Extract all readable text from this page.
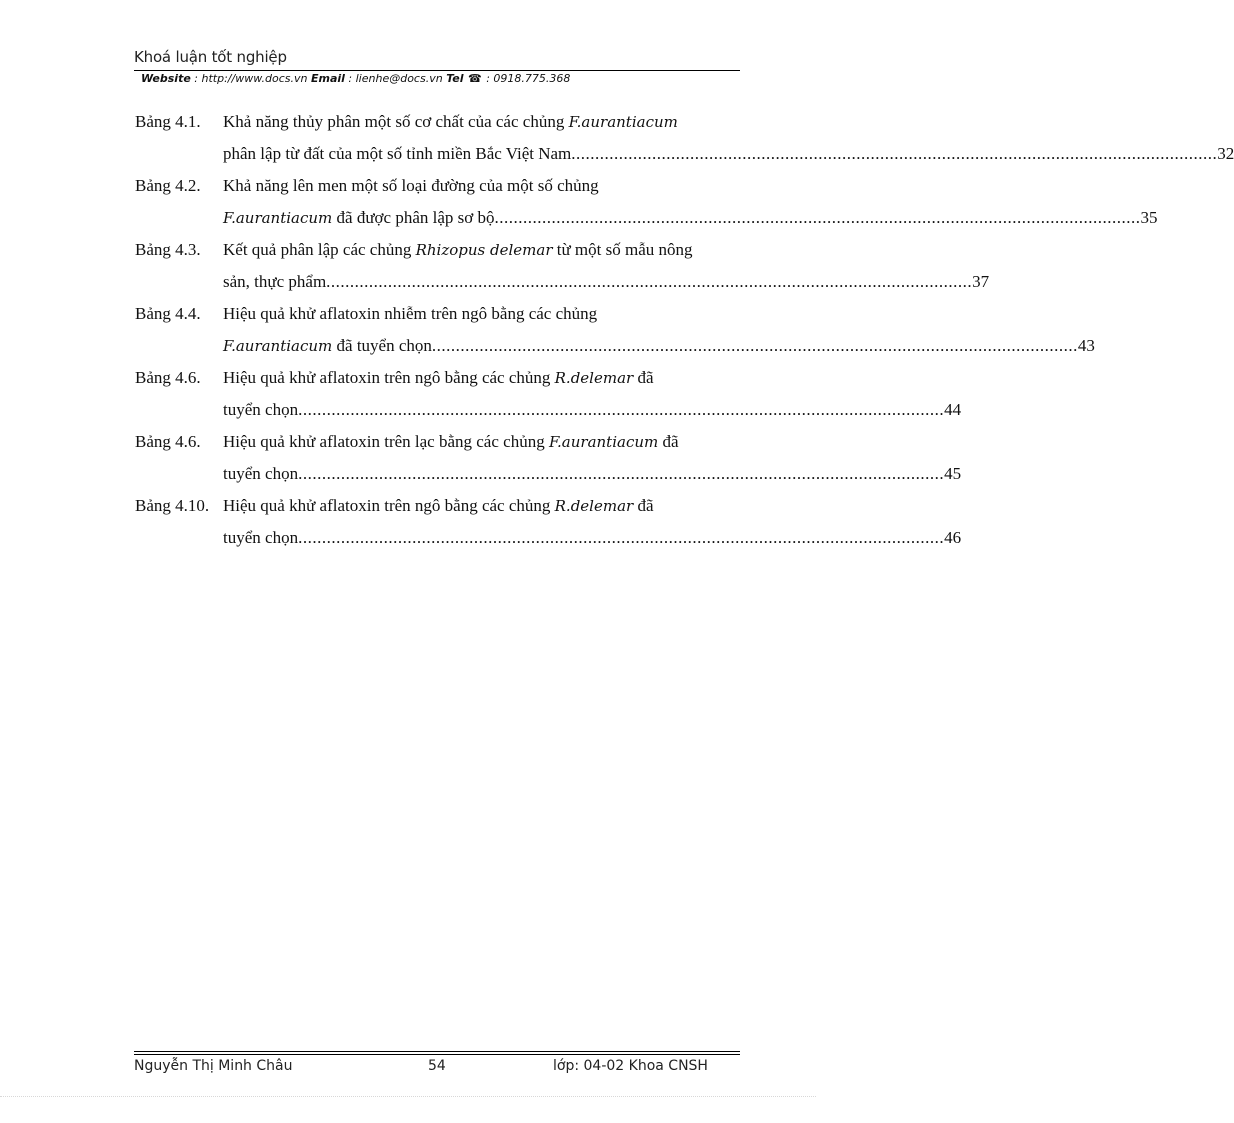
Khoá luận tốt nghiệp
Website : http://www.docs.vn Email : lienhe@docs.vn Tel ☎ : 0918.775.368
Bảng 4.1.	Khả năng thủy phân một số cơ chất của các chủng F.aurantiacum
phân lập từ đất của một số tỉnh miền Bắc Việt Nam .....	32
Bảng 4.2.	Khả năng lên men một số loại đường của một số chủng
F.aurantiacum đã được phân lập sơ bộ .....	35
Bảng 4.3.	Kết quả phân lập các chủng Rhizopus delemar từ một số mẫu nông
sản, thực phẩm .....	37
Bảng 4.4.	Hiệu quả khử aflatoxin nhiễm trên ngô bằng các chủng
F.aurantiacum đã tuyển chọn .....	43
Bảng 4.6.	Hiệu quả khử aflatoxin trên ngô bằng các chủng R.delemar đã
tuyển chọn .....	44
Bảng 4.6.	Hiệu quả khử aflatoxin trên lạc bằng các chủng F.aurantiacum đã
tuyển chọn .....	45
Bảng 4.10. Hiệu quả khử aflatoxin trên ngô bằng các chủng R.delemar đã
tuyển chọn .....	46
Nguyễn Thị Minh Châu	54	lớp: 04-02 Khoa CNSH
